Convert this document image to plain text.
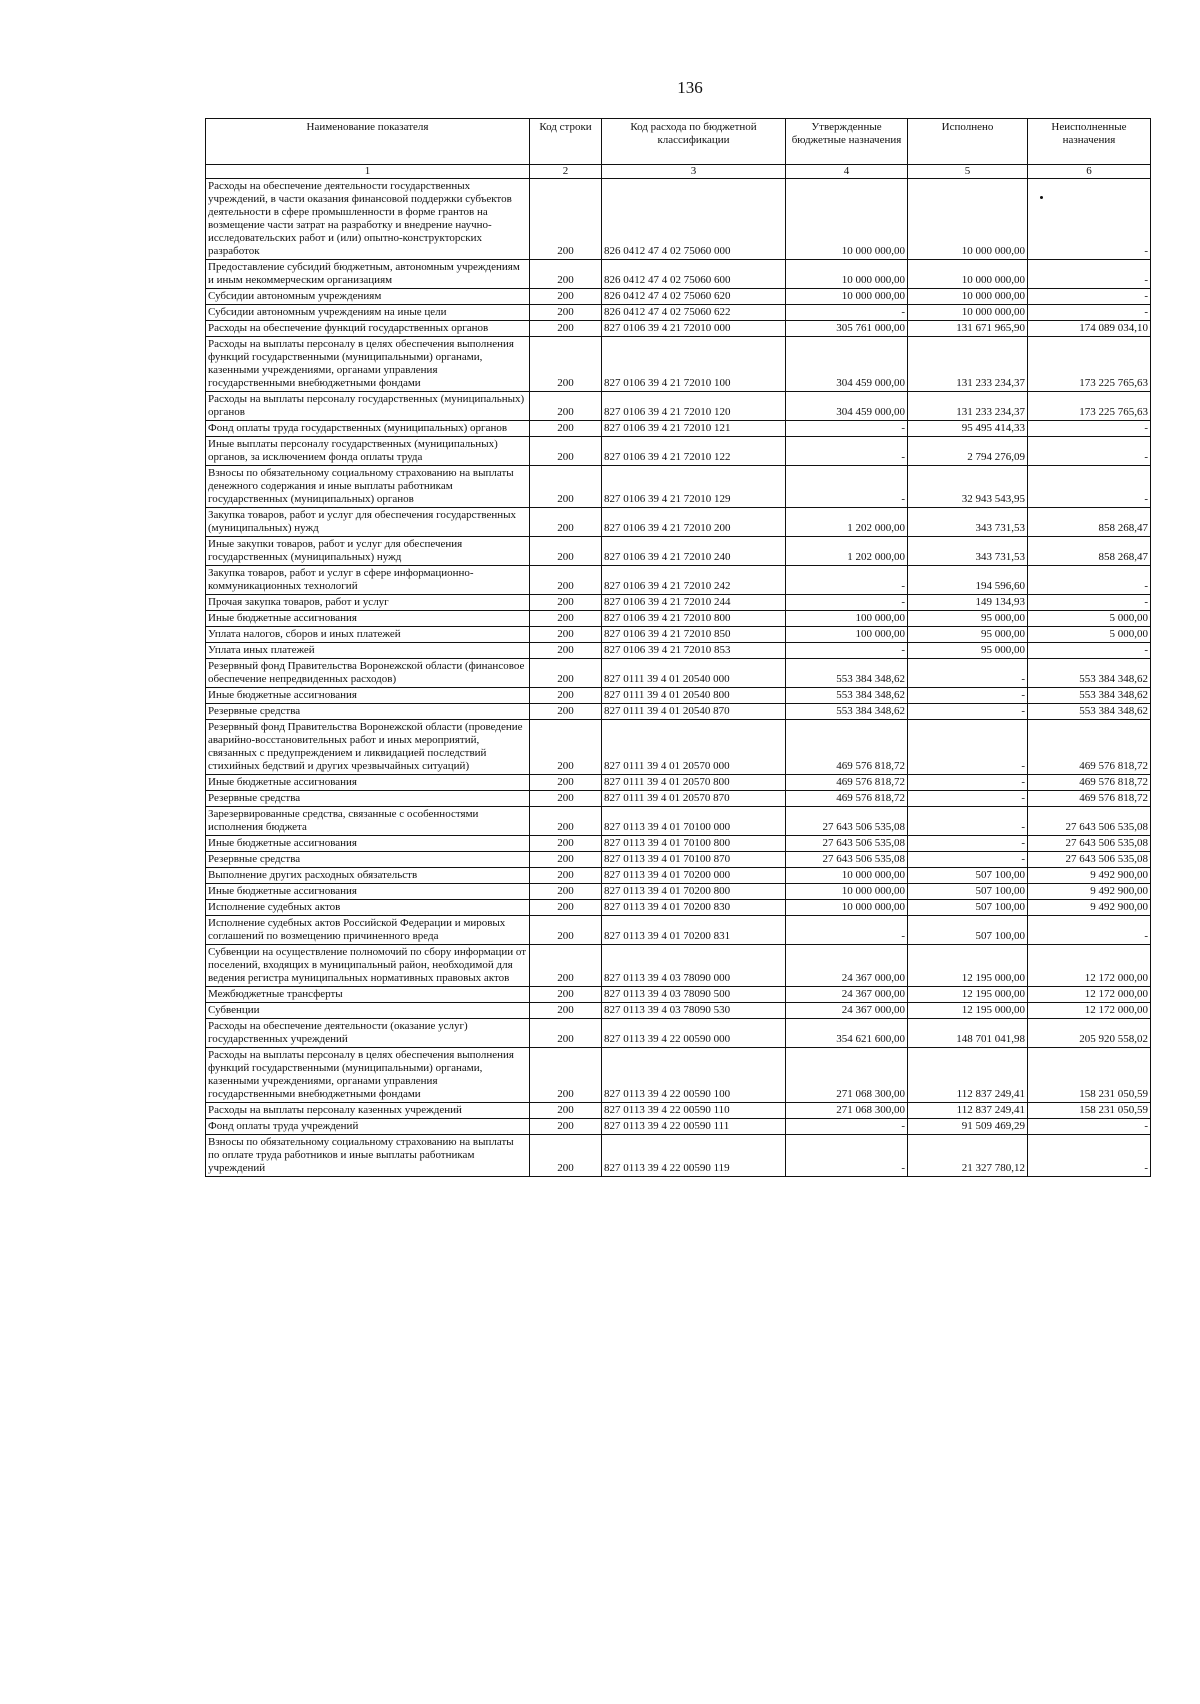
136
Наименование показателя	Код строки	Код расхода по бюджетной классификации	Утвержденные бюджетные назначения	Исполнено	Неисполненные назначения
1	2	3	4	5	6
Расходы на обеспечение деятельности государственных учреждений, в части оказания финансовой поддержки субъектов деятельности в сфере промышленности в форме грантов на возмещение части затрат на разработку и внедрение научно-исследовательских работ и (или) опытно-конструкторских разработок	200	826 0412 47 4 02 75060 000	10 000 000,00	10 000 000,00	-
Предоставление субсидий бюджетным, автономным учреждениям и иным некоммерческим организациям	200	826 0412 47 4 02 75060 600	10 000 000,00	10 000 000,00	-
Субсидии автономным учреждениям	200	826 0412 47 4 02 75060 620	10 000 000,00	10 000 000,00	-
Субсидии автономным учреждениям на иные цели	200	826 0412 47 4 02 75060 622	-	10 000 000,00	-
Расходы на обеспечение функций государственных органов	200	827 0106 39 4 21 72010 000	305 761 000,00	131 671 965,90	174 089 034,10
Расходы на выплаты персоналу в целях обеспечения выполнения функций государственными (муниципальными) органами, казенными учреждениями, органами управления государственными внебюджетными фондами	200	827 0106 39 4 21 72010 100	304 459 000,00	131 233 234,37	173 225 765,63
Расходы на выплаты персоналу государственных (муниципальных) органов	200	827 0106 39 4 21 72010 120	304 459 000,00	131 233 234,37	173 225 765,63
Фонд оплаты труда государственных (муниципальных) органов	200	827 0106 39 4 21 72010 121	-	95 495 414,33	-
Иные выплаты персоналу государственных (муниципальных) органов, за исключением фонда оплаты труда	200	827 0106 39 4 21 72010 122	-	2 794 276,09	-
Взносы по обязательному социальному страхованию на выплаты денежного содержания и иные выплаты работникам государственных (муниципальных) органов	200	827 0106 39 4 21 72010 129	-	32 943 543,95	-
Закупка товаров, работ и услуг для обеспечения государственных (муниципальных) нужд	200	827 0106 39 4 21 72010 200	1 202 000,00	343 731,53	858 268,47
Иные закупки товаров, работ и услуг для обеспечения государственных (муниципальных) нужд	200	827 0106 39 4 21 72010 240	1 202 000,00	343 731,53	858 268,47
Закупка товаров, работ и услуг в сфере информационно-коммуникационных технологий	200	827 0106 39 4 21 72010 242	-	194 596,60	-
Прочая закупка товаров, работ и услуг	200	827 0106 39 4 21 72010 244	-	149 134,93	-
Иные бюджетные ассигнования	200	827 0106 39 4 21 72010 800	100 000,00	95 000,00	5 000,00
Уплата налогов, сборов и иных платежей	200	827 0106 39 4 21 72010 850	100 000,00	95 000,00	5 000,00
Уплата иных платежей	200	827 0106 39 4 21 72010 853	-	95 000,00	-
Резервный фонд Правительства Воронежской области (финансовое обеспечение непредвиденных расходов)	200	827 0111 39 4 01 20540 000	553 384 348,62	-	553 384 348,62
Иные бюджетные ассигнования	200	827 0111 39 4 01 20540 800	553 384 348,62	-	553 384 348,62
Резервные средства	200	827 0111 39 4 01 20540 870	553 384 348,62	-	553 384 348,62
Резервный фонд Правительства Воронежской области (проведение аварийно-восстановительных работ и иных мероприятий, связанных с предупреждением и ликвидацией последствий стихийных бедствий и других чрезвычайных ситуаций)	200	827 0111 39 4 01 20570 000	469 576 818,72	-	469 576 818,72
Иные бюджетные ассигнования	200	827 0111 39 4 01 20570 800	469 576 818,72	-	469 576 818,72
Резервные средства	200	827 0111 39 4 01 20570 870	469 576 818,72	-	469 576 818,72
Зарезервированные средства, связанные с особенностями исполнения бюджета	200	827 0113 39 4 01 70100 000	27 643 506 535,08	-	27 643 506 535,08
Иные бюджетные ассигнования	200	827 0113 39 4 01 70100 800	27 643 506 535,08	-	27 643 506 535,08
Резервные средства	200	827 0113 39 4 01 70100 870	27 643 506 535,08	-	27 643 506 535,08
Выполнение других расходных обязательств	200	827 0113 39 4 01 70200 000	10 000 000,00	507 100,00	9 492 900,00
Иные бюджетные ассигнования	200	827 0113 39 4 01 70200 800	10 000 000,00	507 100,00	9 492 900,00
Исполнение судебных актов	200	827 0113 39 4 01 70200 830	10 000 000,00	507 100,00	9 492 900,00
Исполнение судебных актов Российской Федерации и мировых соглашений по возмещению причиненного вреда	200	827 0113 39 4 01 70200 831	-	507 100,00	-
Субвенции на осуществление полномочий по сбору информации от поселений, входящих в муниципальный район, необходимой для ведения регистра муниципальных нормативных правовых актов	200	827 0113 39 4 03 78090 000	24 367 000,00	12 195 000,00	12 172 000,00
Межбюджетные трансферты	200	827 0113 39 4 03 78090 500	24 367 000,00	12 195 000,00	12 172 000,00
Субвенции	200	827 0113 39 4 03 78090 530	24 367 000,00	12 195 000,00	12 172 000,00
Расходы на обеспечение деятельности (оказание услуг) государственных учреждений	200	827 0113 39 4 22 00590 000	354 621 600,00	148 701 041,98	205 920 558,02
Расходы на выплаты персоналу в целях обеспечения выполнения функций государственными (муниципальными) органами, казенными учреждениями, органами управления государственными внебюджетными фондами	200	827 0113 39 4 22 00590 100	271 068 300,00	112 837 249,41	158 231 050,59
Расходы на выплаты персоналу казенных учреждений	200	827 0113 39 4 22 00590 110	271 068 300,00	112 837 249,41	158 231 050,59
Фонд оплаты труда учреждений	200	827 0113 39 4 22 00590 111	-	91 509 469,29	-
Взносы по обязательному социальному страхованию на выплаты по оплате труда работников и иные выплаты работникам учреждений	200	827 0113 39 4 22 00590 119	-	21 327 780,12	-
